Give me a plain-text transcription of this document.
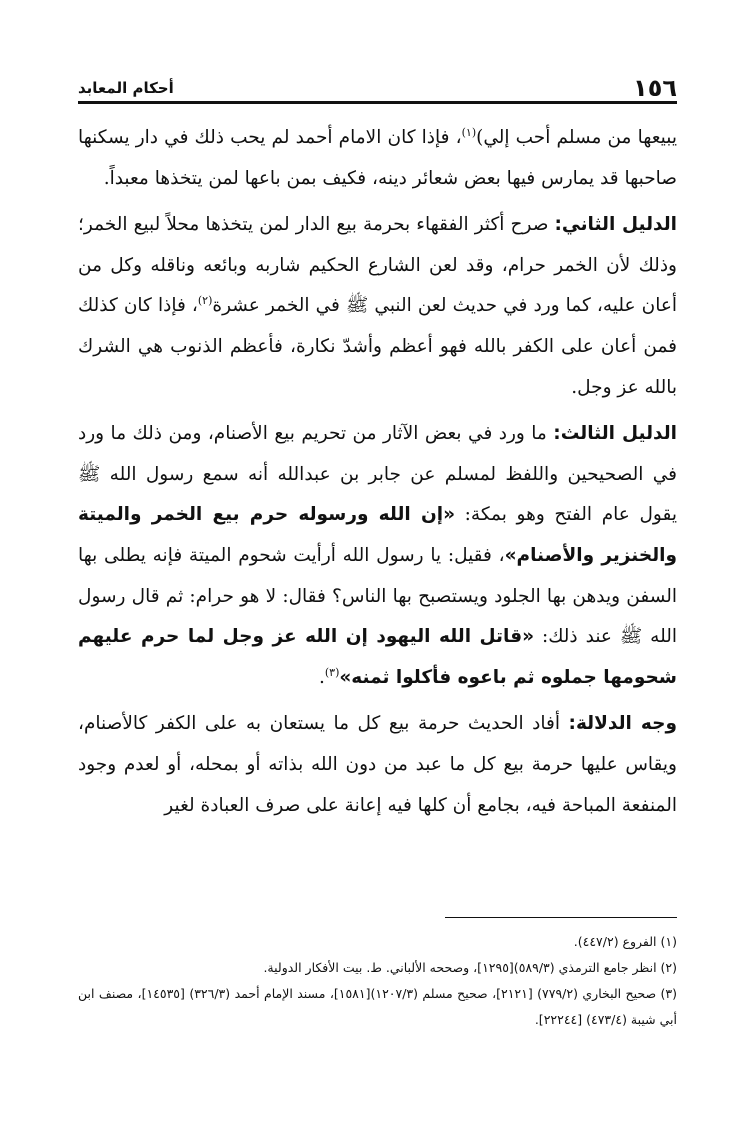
١٥٦
أحكام المعابد

يبيعها من مسلم أحب إلي)$^{(١)}$، فإذا كان الامام أحمد لم يحب ذلك في دار يسكنها صاحبها قد يمارس فيها بعض شعائر دينه، فكيف بمن باعها لمن يتخذها معبداً.

الدليل الثاني: صرح أكثر الفقهاء بحرمة بيع الدار لمن يتخذها محلاً لبيع الخمر؛ وذلك لأن الخمر حرام، وقد لعن الشارع الحكيم شاربه وبائعه وناقله وكل من أعان عليه، كما ورد في حديث لعن النبي ﷺ في الخمر عشرة$^{(٢)}$، فإذا كان كذلك فمن أعان على الكفر بالله فهو أعظم وأشدّ نكارة، فأعظم الذنوب هي الشرك بالله عز وجل.

الدليل الثالث: ما ورد في بعض الآثار من تحريم بيع الأصنام، ومن ذلك ما ورد في الصحيحين واللفظ لمسلم عن جابر بن عبدالله أنه سمع رسول الله ﷺ يقول عام الفتح وهو بمكة: «إن الله ورسوله حرم بيع الخمر والميتة والخنزير والأصنام»، فقيل: يا رسول الله أرأيت شحوم الميتة فإنه يطلى بها السفن ويدهن بها الجلود ويستصبح بها الناس؟ فقال: لا هو حرام: ثم قال رسول الله ﷺ عند ذلك: «قاتل الله اليهود إن الله عز وجل لما حرم عليهم شحومها جملوه ثم باعوه فأكلوا ثمنه»$^{(٣)}$.

وجه الدلالة: أفاد الحديث حرمة بيع كل ما يستعان به على الكفر كالأصنام، ويقاس عليها حرمة بيع كل ما عبد من دون الله بذاته أو بمحله، أو لعدم وجود المنفعة المباحة فيه، بجامع أن كلها فيه إعانة على صرف العبادة لغير

(١) الفروع (٤٤٧/٢).

(٢) انظر جامع الترمذي (٥٨٩/٣)[١٢٩٥]، وصححه الألباني. ط. بيت الأفكار الدولية.

(٣) صحيح البخاري (٧٧٩/٢) [٢١٢١]، صحيح مسلم (١٢٠٧/٣)[١٥٨١]، مسند الإمام أحمد (٣٢٦/٣) [١٤٥٣٥]، مصنف ابن أبي شيبة (٤٧٣/٤) [٢٢٢٤٤].
